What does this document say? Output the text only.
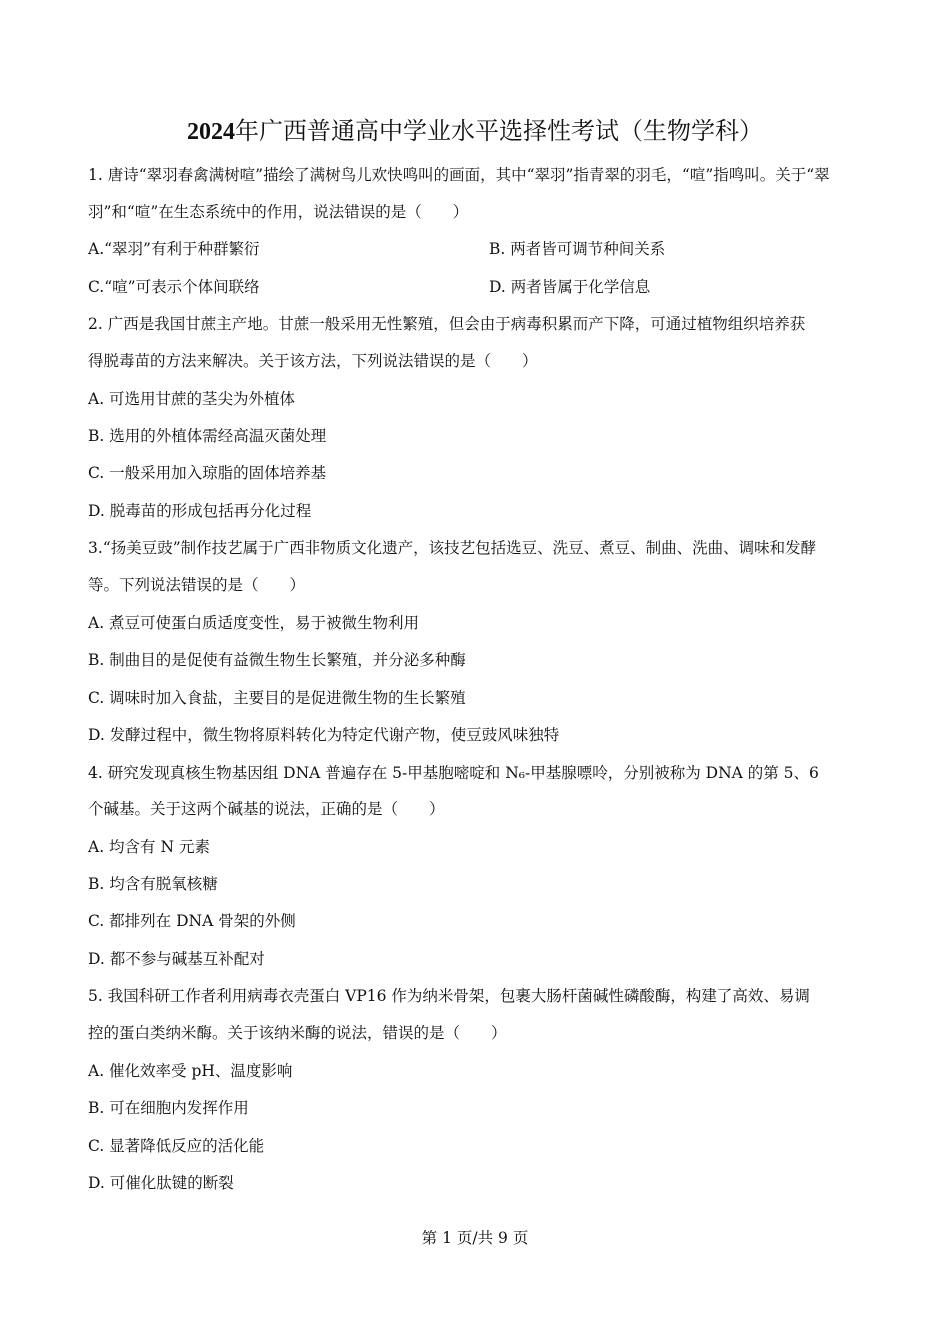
2024年广西普通高中学业水平选择性考试（生物学科）
1. 唐诗“翠羽春禽满树喧”描绘了满树鸟儿欢快鸣叫的画面，其中“翠羽”指青翠的羽毛，“喧”指鸣叫。关于“翠
羽”和“喧”在生态系统中的作用，说法错误的是（　　）
A.“翠羽”有利于种群繁衍	B. 两者皆可调节种间关系
C.“喧”可表示个体间联络	D. 两者皆属于化学信息
2. 广西是我国甘蔗主产地。甘蔗一般采用无性繁殖，但会由于病毒积累而产下降，可通过植物组织培养获
得脱毒苗的方法来解决。关于该方法，下列说法错误的是（　　）
A. 可选用甘蔗的茎尖为外植体
B. 选用的外植体需经高温灭菌处理
C. 一般采用加入琼脂的固体培养基
D. 脱毒苗的形成包括再分化过程
3.“扬美豆豉”制作技艺属于广西非物质文化遗产，该技艺包括选豆、洗豆、煮豆、制曲、洗曲、调味和发酵
等。下列说法错误的是（　　）
A. 煮豆可使蛋白质适度变性，易于被微生物利用
B. 制曲目的是促使有益微生物生长繁殖，并分泌多种酶
C. 调味时加入食盐，主要目的是促进微生物的生长繁殖
D. 发酵过程中，微生物将原料转化为特定代谢产物，使豆豉风味独特
4. 研究发现真核生物基因组 DNA 普遍存在 5-甲基胞嘧啶和 N₆-甲基腺嘌呤，分别被称为 DNA 的第 5、6
个碱基。关于这两个碱基的说法，正确的是（　　）
A. 均含有 N 元素
B. 均含有脱氧核糖
C. 都排列在 DNA 骨架的外侧
D. 都不参与碱基互补配对
5. 我国科研工作者利用病毒衣壳蛋白 VP16 作为纳米骨架，包裹大肠杆菌碱性磷酸酶，构建了高效、易调
控的蛋白类纳米酶。关于该纳米酶的说法，错误的是（　　）
A. 催化效率受 pH、温度影响
B. 可在细胞内发挥作用
C. 显著降低反应的活化能
D. 可催化肽键的断裂
第 1 页/共 9 页
